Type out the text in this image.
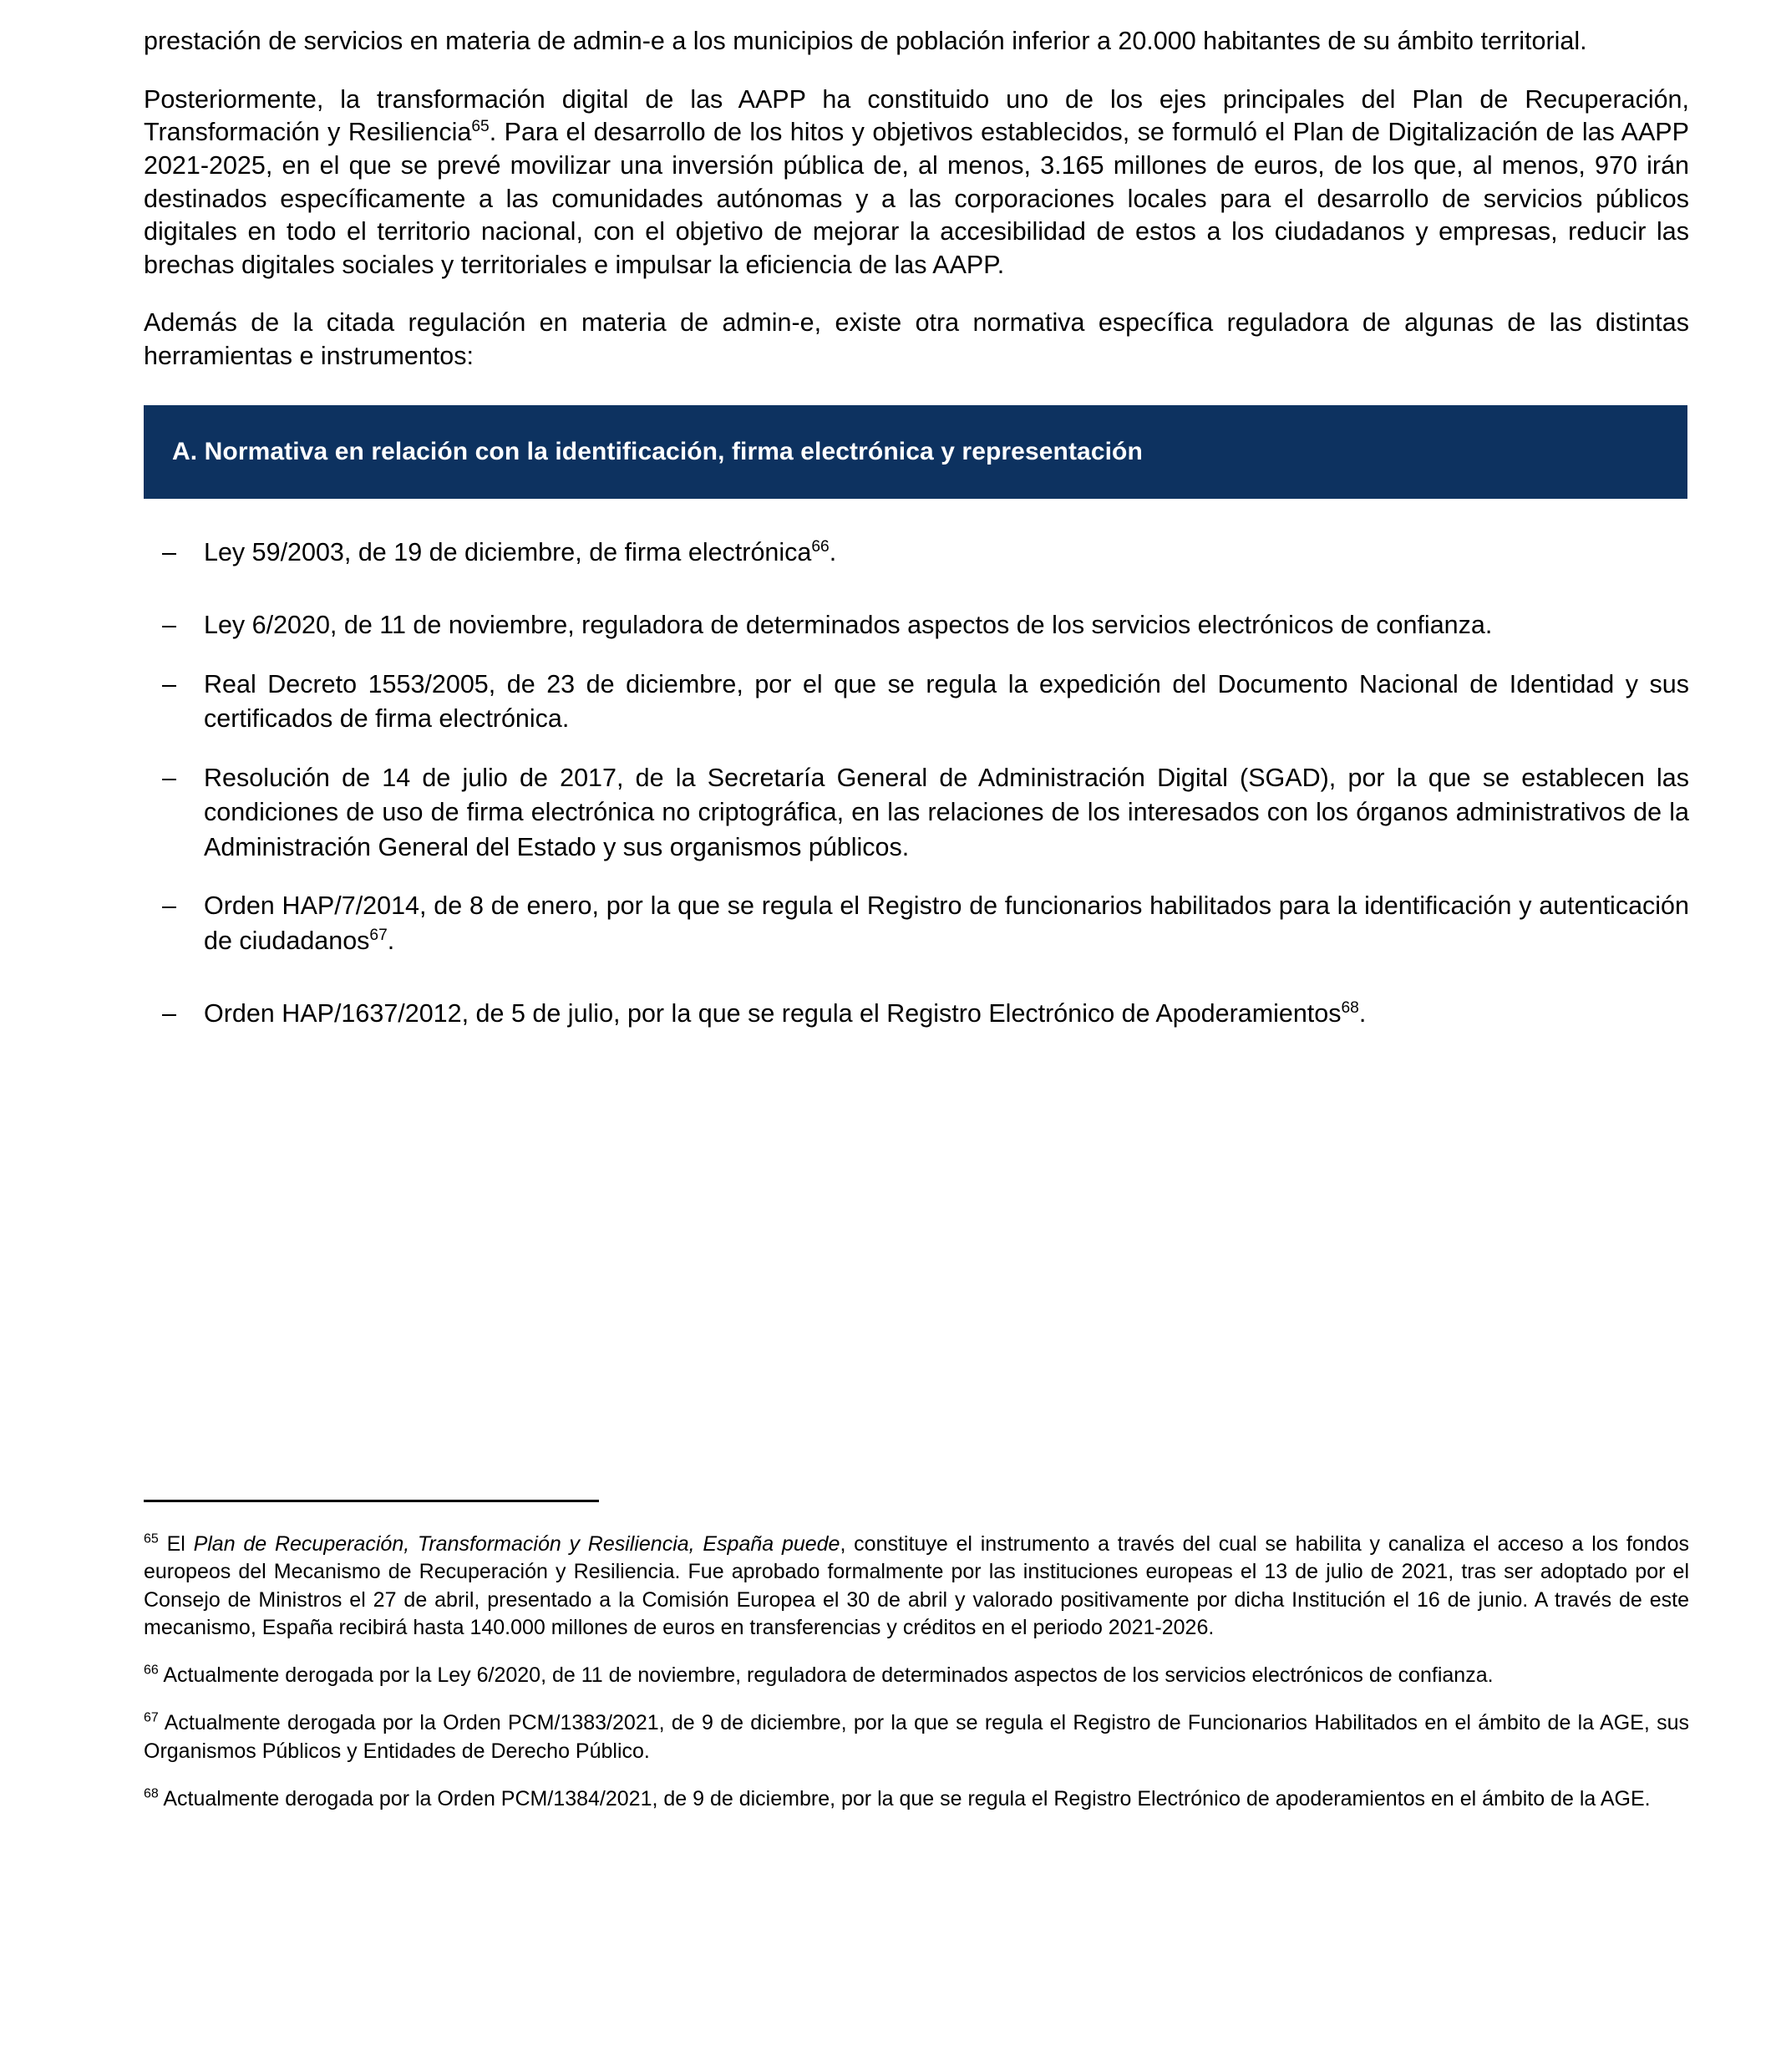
prestación de servicios en materia de admin-e a los municipios de población inferior a 20.000 habitantes de su ámbito territorial.

Posteriormente, la transformación digital de las AAPP ha constituido uno de los ejes principales del Plan de Recuperación, Transformación y Resiliencia$^{65}$. Para el desarrollo de los hitos y objetivos establecidos, se formuló el Plan de Digitalización de las AAPP 2021-2025, en el que se prevé movilizar una inversión pública de, al menos, 3.165 millones de euros, de los que, al menos, 970 irán destinados específicamente a las comunidades autónomas y a las corporaciones locales para el desarrollo de servicios públicos digitales en todo el territorio nacional, con el objetivo de mejorar la accesibilidad de estos a los ciudadanos y empresas, reducir las brechas digitales sociales y territoriales e impulsar la eficiencia de las AAPP.

Además de la citada regulación en materia de admin-e, existe otra normativa específica reguladora de algunas de las distintas herramientas e instrumentos:

A. Normativa en relación con la identificación, firma electrónica y representación
– Ley 59/2003, de 19 de diciembre, de firma electrónica$^{66}$.
– Ley 6/2020, de 11 de noviembre, reguladora de determinados aspectos de los servicios electrónicos de confianza.
– Real Decreto 1553/2005, de 23 de diciembre, por el que se regula la expedición del Documento Nacional de Identidad y sus certificados de firma electrónica.
– Resolución de 14 de julio de 2017, de la Secretaría General de Administración Digital (SGAD), por la que se establecen las condiciones de uso de firma electrónica no criptográfica, en las relaciones de los interesados con los órganos administrativos de la Administración General del Estado y sus organismos públicos.
– Orden HAP/7/2014, de 8 de enero, por la que se regula el Registro de funcionarios habilitados para la identificación y autenticación de ciudadanos$^{67}$.
– Orden HAP/1637/2012, de 5 de julio, por la que se regula el Registro Electrónico de Apoderamientos$^{68}$.

$^{65}$ El Plan de Recuperación, Transformación y Resiliencia, España puede, constituye el instrumento a través del cual se habilita y canaliza el acceso a los fondos europeos del Mecanismo de Recuperación y Resiliencia. Fue aprobado formalmente por las instituciones europeas el 13 de julio de 2021, tras ser adoptado por el Consejo de Ministros el 27 de abril, presentado a la Comisión Europea el 30 de abril y valorado positivamente por dicha Institución el 16 de junio. A través de este mecanismo, España recibirá hasta 140.000 millones de euros en transferencias y créditos en el periodo 2021-2026.

$^{66}$ Actualmente derogada por la Ley 6/2020, de 11 de noviembre, reguladora de determinados aspectos de los servicios electrónicos de confianza.

$^{67}$ Actualmente derogada por la Orden PCM/1383/2021, de 9 de diciembre, por la que se regula el Registro de Funcionarios Habilitados en el ámbito de la AGE, sus Organismos Públicos y Entidades de Derecho Público.

$^{68}$ Actualmente derogada por la Orden PCM/1384/2021, de 9 de diciembre, por la que se regula el Registro Electrónico de apoderamientos en el ámbito de la AGE.
